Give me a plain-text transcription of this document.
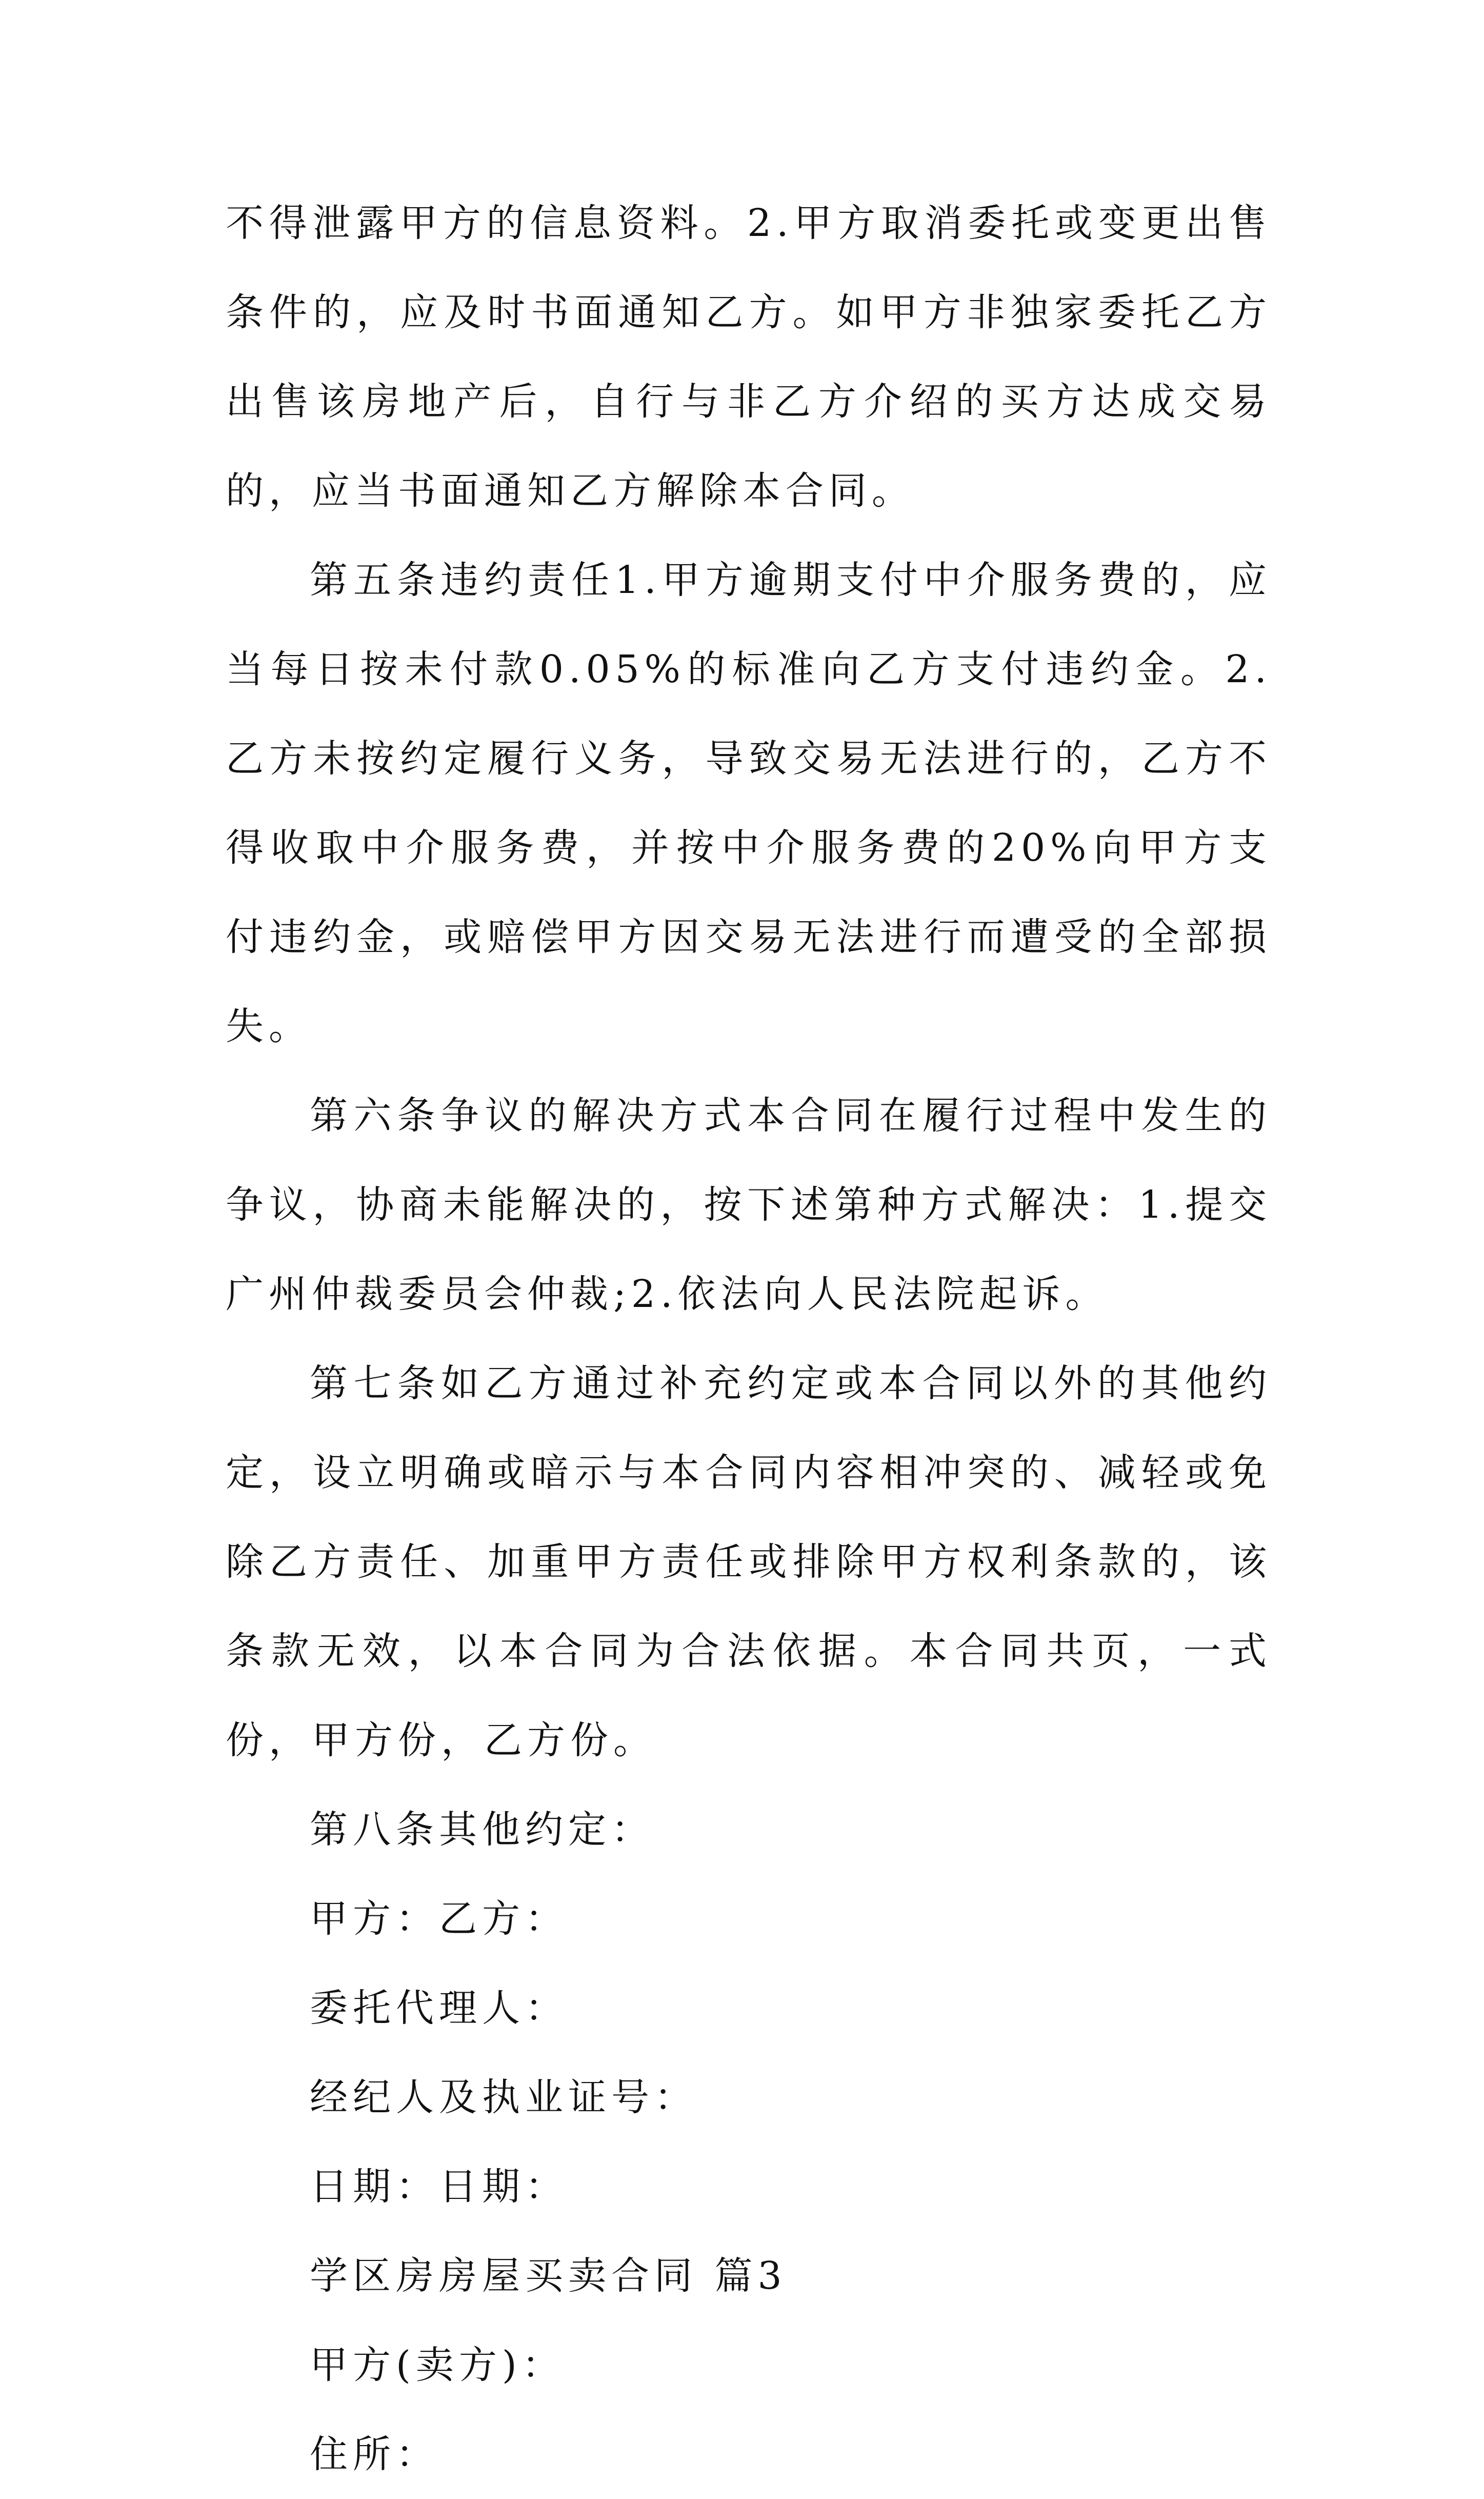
不得泄露甲方的信息资料。2.甲方取消委托或变更出售条件的，应及时书面通知乙方。如甲方非独家委托乙方出售该房地产后，自行与非乙方介绍的买方达成交易的，应当书面通知乙方解除本合同。

第五条违约责任1.甲方逾期支付中介服务费的，应当每日按未付款0.05%的标准向乙方支付违约金。2.乙方未按约定履行义务，导致交易无法进行的，乙方不得收取中介服务费，并按中介服务费的20%向甲方支付违约金，或赔偿甲方因交易无法进行而遭受的全部损失。

第六条争议的解决方式本合同在履行过程中发生的争议，协商未能解决的，按下述第种方式解决：1.提交广州仲裁委员会仲裁;2.依法向人民法院起诉。

第七条如乙方通过补充约定或本合同以外的其他约定，设立明确或暗示与本合同内容相冲突的、减轻或免除乙方责任、加重甲方责任或排除甲方权利条款的，该条款无效，以本合同为合法依据。本合同共页，一式份，甲方份，乙方份。

第八条其他约定：

甲方：乙方：

委托代理人：

经纪人及执业证号：

日期：日期：

学区房房屋买卖合同 篇3

甲方(卖方)：

住所：
